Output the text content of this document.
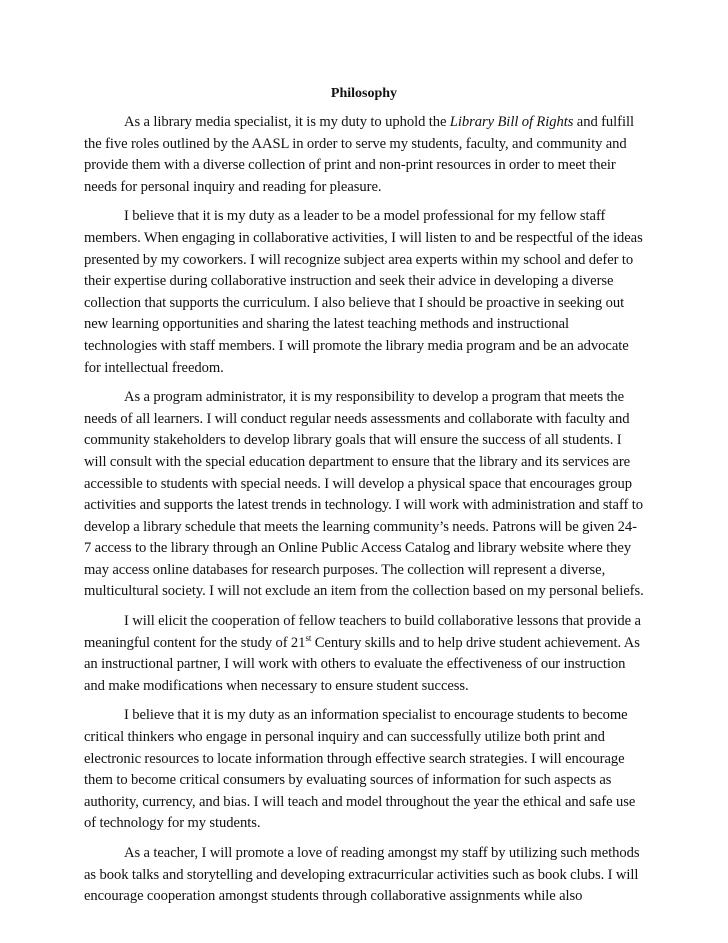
Philosophy

As a library media specialist, it is my duty to uphold the Library Bill of Rights and fulfill the five roles outlined by the AASL in order to serve my students, faculty, and community and provide them with a diverse collection of print and non-print resources in order to meet their needs for personal inquiry and reading for pleasure.

I believe that it is my duty as a leader to be a model professional for my fellow staff members. When engaging in collaborative activities, I will listen to and be respectful of the ideas presented by my coworkers. I will recognize subject area experts within my school and defer to their expertise during collaborative instruction and seek their advice in developing a diverse collection that supports the curriculum. I also believe that I should be proactive in seeking out new learning opportunities and sharing the latest teaching methods and instructional technologies with staff members. I will promote the library media program and be an advocate for intellectual freedom.

As a program administrator, it is my responsibility to develop a program that meets the needs of all learners. I will conduct regular needs assessments and collaborate with faculty and community stakeholders to develop library goals that will ensure the success of all students. I will consult with the special education department to ensure that the library and its services are accessible to students with special needs. I will develop a physical space that encourages group activities and supports the latest trends in technology. I will work with administration and staff to develop a library schedule that meets the learning community’s needs. Patrons will be given 24-7 access to the library through an Online Public Access Catalog and library website where they may access online databases for research purposes. The collection will represent a diverse, multicultural society. I will not exclude an item from the collection based on my personal beliefs.

I will elicit the cooperation of fellow teachers to build collaborative lessons that provide a meaningful content for the study of 21st Century skills and to help drive student achievement. As an instructional partner, I will work with others to evaluate the effectiveness of our instruction and make modifications when necessary to ensure student success.

I believe that it is my duty as an information specialist to encourage students to become critical thinkers who engage in personal inquiry and can successfully utilize both print and electronic resources to locate information through effective search strategies. I will encourage them to become critical consumers by evaluating sources of information for such aspects as authority, currency, and bias. I will teach and model throughout the year the ethical and safe use of technology for my students.

As a teacher, I will promote a love of reading amongst my staff by utilizing such methods as book talks and storytelling and developing extracurricular activities such as book clubs. I will encourage cooperation amongst students through collaborative assignments while also
